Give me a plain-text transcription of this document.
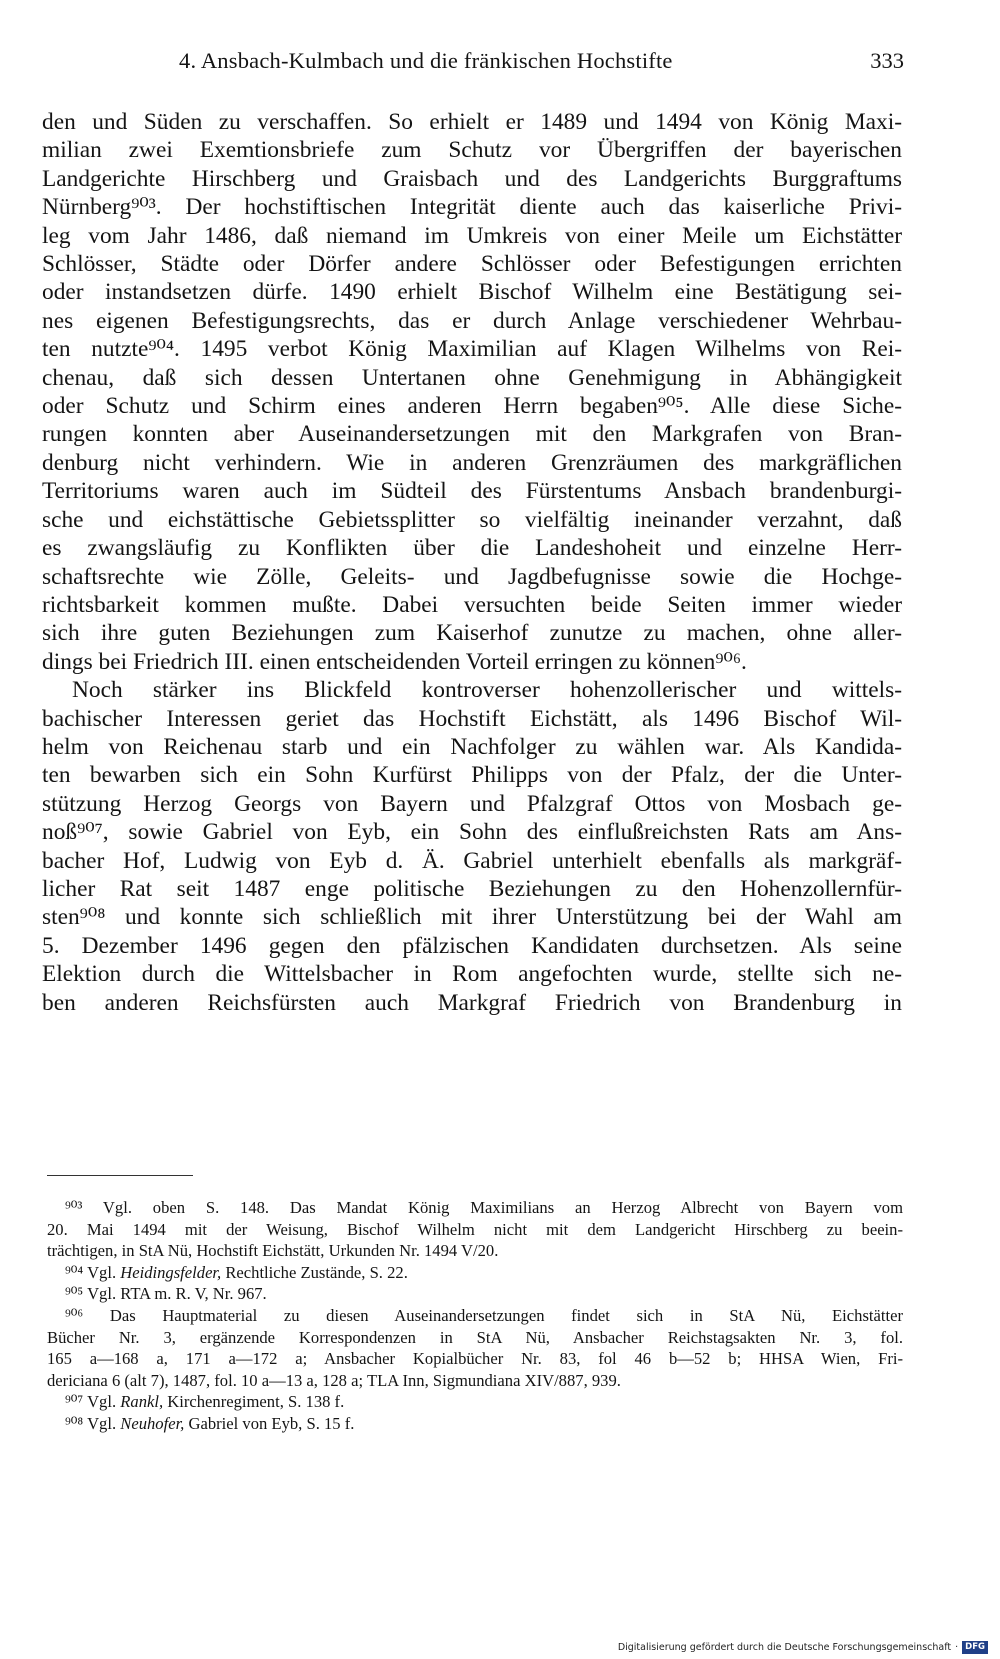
4. Ansbach-Kulmbach und die fränkischen Hochstifte	333

den und Süden zu verschaffen. So erhielt er 1489 und 1494 von König Maxi-
milian zwei Exemtionsbriefe zum Schutz vor Übergriffen der bayerischen
Landgerichte Hirschberg und Graisbach und des Landgerichts Burggraftums
Nürnberg⁹⁰³. Der hochstiftischen Integrität diente auch das kaiserliche Privi-
leg vom Jahr 1486, daß niemand im Umkreis von einer Meile um Eichstätter
Schlösser, Städte oder Dörfer andere Schlösser oder Befestigungen errichten
oder instandsetzen dürfe. 1490 erhielt Bischof Wilhelm eine Bestätigung sei-
nes eigenen Befestigungsrechts, das er durch Anlage verschiedener Wehrbau-
ten nutzte⁹⁰⁴. 1495 verbot König Maximilian auf Klagen Wilhelms von Rei-
chenau, daß sich dessen Untertanen ohne Genehmigung in Abhängigkeit
oder Schutz und Schirm eines anderen Herrn begaben⁹⁰⁵. Alle diese Siche-
rungen konnten aber Auseinandersetzungen mit den Markgrafen von Bran-
denburg nicht verhindern. Wie in anderen Grenzräumen des markgräflichen
Territoriums waren auch im Südteil des Fürstentums Ansbach brandenburgi-
sche und eichstättische Gebietssplitter so vielfältig ineinander verzahnt, daß
es zwangsläufig zu Konflikten über die Landeshoheit und einzelne Herr-
schaftsrechte wie Zölle, Geleits- und Jagdbefugnisse sowie die Hochge-
richtsbarkeit kommen mußte. Dabei versuchten beide Seiten immer wieder
sich ihre guten Beziehungen zum Kaiserhof zunutze zu machen, ohne aller-
dings bei Friedrich III. einen entscheidenden Vorteil erringen zu können⁹⁰⁶.

Noch stärker ins Blickfeld kontroverser hohenzollerischer und wittels-
bachischer Interessen geriet das Hochstift Eichstätt, als 1496 Bischof Wil-
helm von Reichenau starb und ein Nachfolger zu wählen war. Als Kandida-
ten bewarben sich ein Sohn Kurfürst Philipps von der Pfalz, der die Unter-
stützung Herzog Georgs von Bayern und Pfalzgraf Ottos von Mosbach ge-
noß⁹⁰⁷, sowie Gabriel von Eyb, ein Sohn des einflußreichsten Rats am Ans-
bacher Hof, Ludwig von Eyb d. Ä. Gabriel unterhielt ebenfalls als markgräf-
licher Rat seit 1487 enge politische Beziehungen zu den Hohenzollernfür-
sten⁹⁰⁸ und konnte sich schließlich mit ihrer Unterstützung bei der Wahl am
5. Dezember 1496 gegen den pfälzischen Kandidaten durchsetzen. Als seine
Elektion durch die Wittelsbacher in Rom angefochten wurde, stellte sich ne-
ben anderen Reichsfürsten auch Markgraf Friedrich von Brandenburg in

⁹⁰³ Vgl. oben S. 148. Das Mandat König Maximilians an Herzog Albrecht von Bayern vom
20. Mai 1494 mit der Weisung, Bischof Wilhelm nicht mit dem Landgericht Hirschberg zu beein-
trächtigen, in StA Nü, Hochstift Eichstätt, Urkunden Nr. 1494 V/20.
⁹⁰⁴ Vgl. Heidingsfelder, Rechtliche Zustände, S. 22.
⁹⁰⁵ Vgl. RTA m. R. V, Nr. 967.
⁹⁰⁶ Das Hauptmaterial zu diesen Auseinandersetzungen findet sich in StA Nü, Eichstätter
Bücher Nr. 3, ergänzende Korrespondenzen in StA Nü, Ansbacher Reichstagsakten Nr. 3, fol.
165 a—168 a, 171 a—172 a; Ansbacher Kopialbücher Nr. 83, fol 46 b—52 b; HHSA Wien, Fri-
dericiana 6 (alt 7), 1487, fol. 10 a—13 a, 128 a; TLA Inn, Sigmundiana XIV/887, 939.
⁹⁰⁷ Vgl. Rankl, Kirchenregiment, S. 138 f.
⁹⁰⁸ Vgl. Neuhofer, Gabriel von Eyb, S. 15 f.
Digitalisierung gefördert durch die Deutsche Forschungsgemeinschaft · DFG
